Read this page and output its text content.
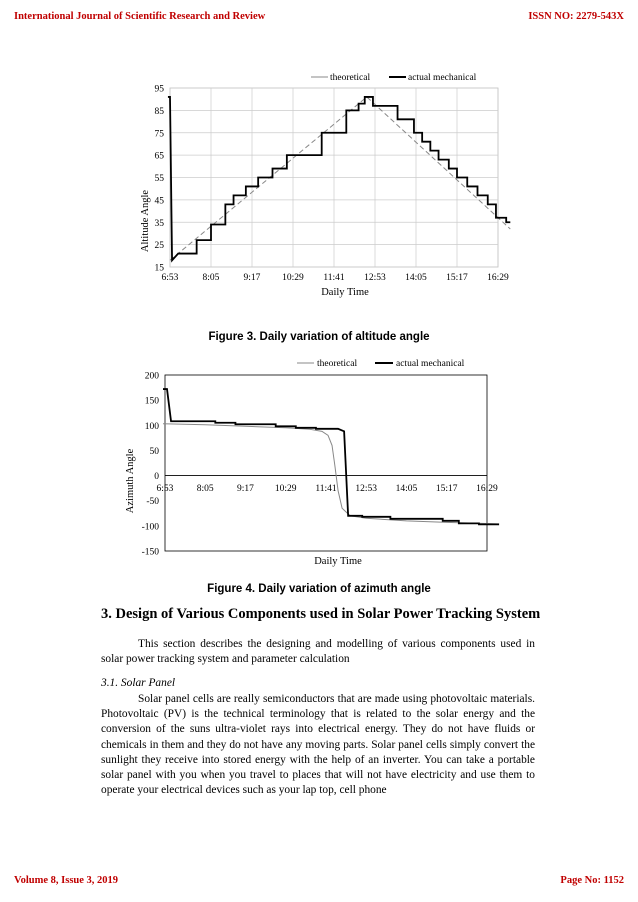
International Journal of Scientific Research and Review	ISSN NO: 2279-543X
theoretical	actual mechanical
15
25
35
45
55
65
75
85
95
6:53	8:05	9:17 10:29 11:41 12:53 14:05 15:17 16:29
Daily Time
Altitude Angle
Figure 3. Daily variation of altitude angle
theoretical	actual mechanical
-150
-100
-50
0
50
100
150
200
6:53 8:05 9:17 10:29 11:41 12:53 14:05 15:17 16:29
Daily Time
Azimuth Angle
Figure 4. Daily variation of azimuth angle
3. Design of Various Components used in Solar Power Tracking System
This section describes the designing and modelling of various components used in solar power tracking system and parameter calculation
3.1. Solar Panel
Solar panel cells are really semiconductors that are made using photovoltaic materials. Photovoltaic (PV) is the technical terminology that is related to the solar energy and the conversion of the suns ultra-violet rays into electrical energy. They do not have fluids or chemicals in them and they do not have any moving parts. Solar panel cells simply convert the sunlight they receive into stored energy with the help of an inverter. You can take a portable solar panel with you when you travel to places that will not have electricity and use them to operate your electrical devices such as your lap top, cell phone
Volume 8, Issue 3, 2019	Page No: 1152
